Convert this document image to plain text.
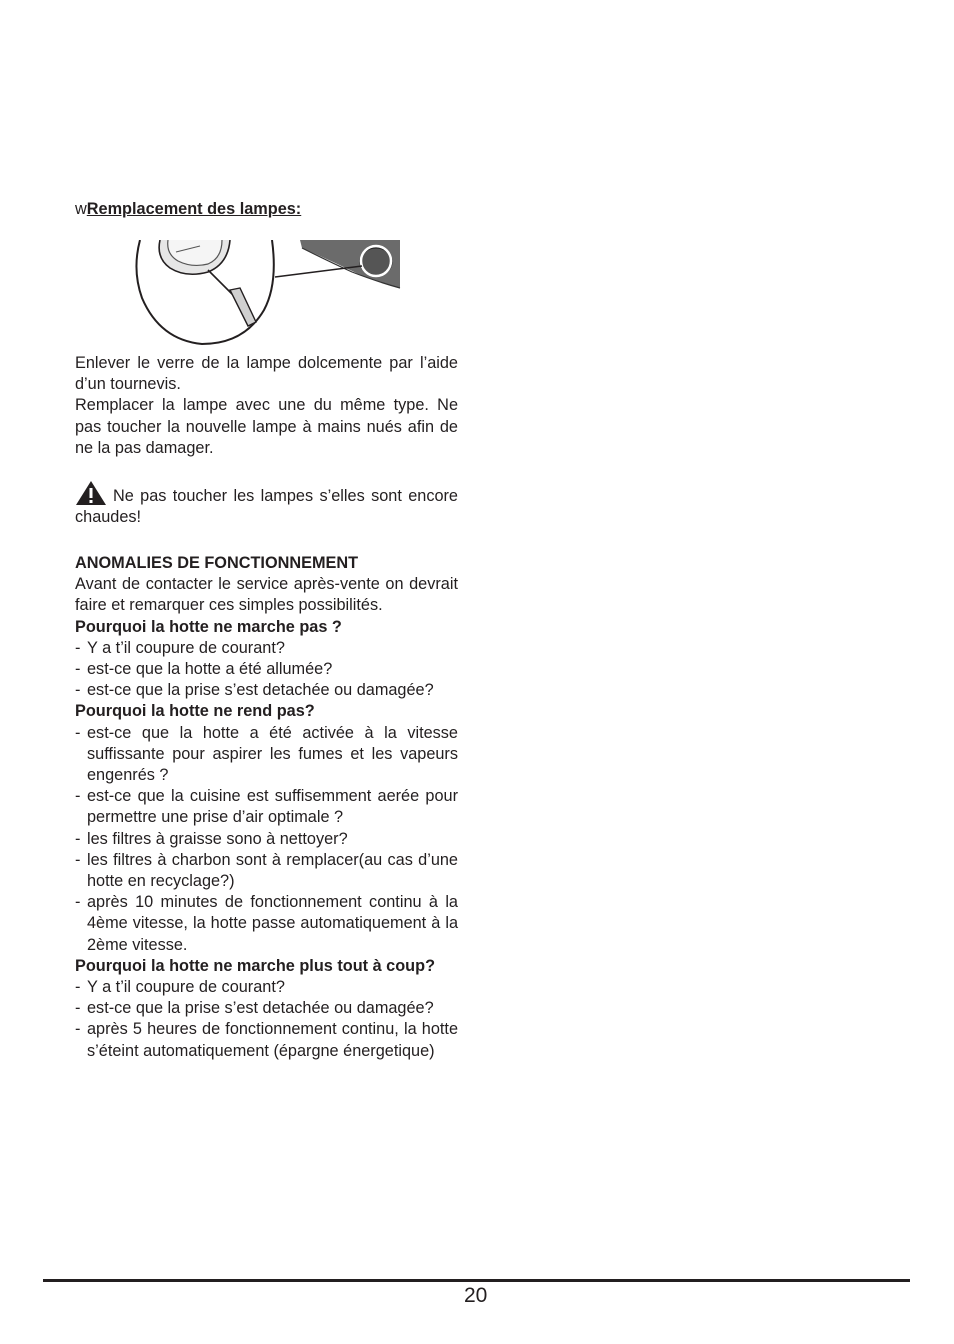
wRemplacement des lampes:

Enlever le verre de la lampe dolcemente par l’aide d’un tournevis.

Remplacer la lampe avec une du même type. Ne pas toucher la nouvelle lampe à mains nués afin de ne la pas damager.

Ne pas toucher les lampes s’elles sont encore chaudes!

ANOMALIES DE FONCTIONNEMENT

Avant de contacter le service après-vente on devrait faire et remarquer ces simples possibilités.

Pourquoi la hotte ne marche pas ?

- Y a t’il coupure de courant?
- est-ce que la hotte a été allumée?
- est-ce que la prise s’est detachée ou damagée?

Pourquoi la hotte ne rend pas?

- est-ce que la hotte a été activée à la vitesse suffissante pour aspirer les fumes et les vapeurs engenrés ?
- est-ce que la cuisine est suffisemment aerée pour permettre une prise d’air optimale ?
- les filtres à graisse sono à nettoyer?
- les filtres à charbon sont à remplacer(au cas d’une hotte en recyclage?)
- après 10 minutes de fonctionnement continu à la 4ème vitesse, la hotte passe automatiquement à la 2ème vitesse.

Pourquoi la hotte ne marche plus tout à coup?

- Y a t’il coupure de courant?
- est-ce que la prise s’est detachée ou damagée?
- après 5 heures de fonctionnement continu, la hotte s’éteint automatiquement (épargne énergetique)
20
